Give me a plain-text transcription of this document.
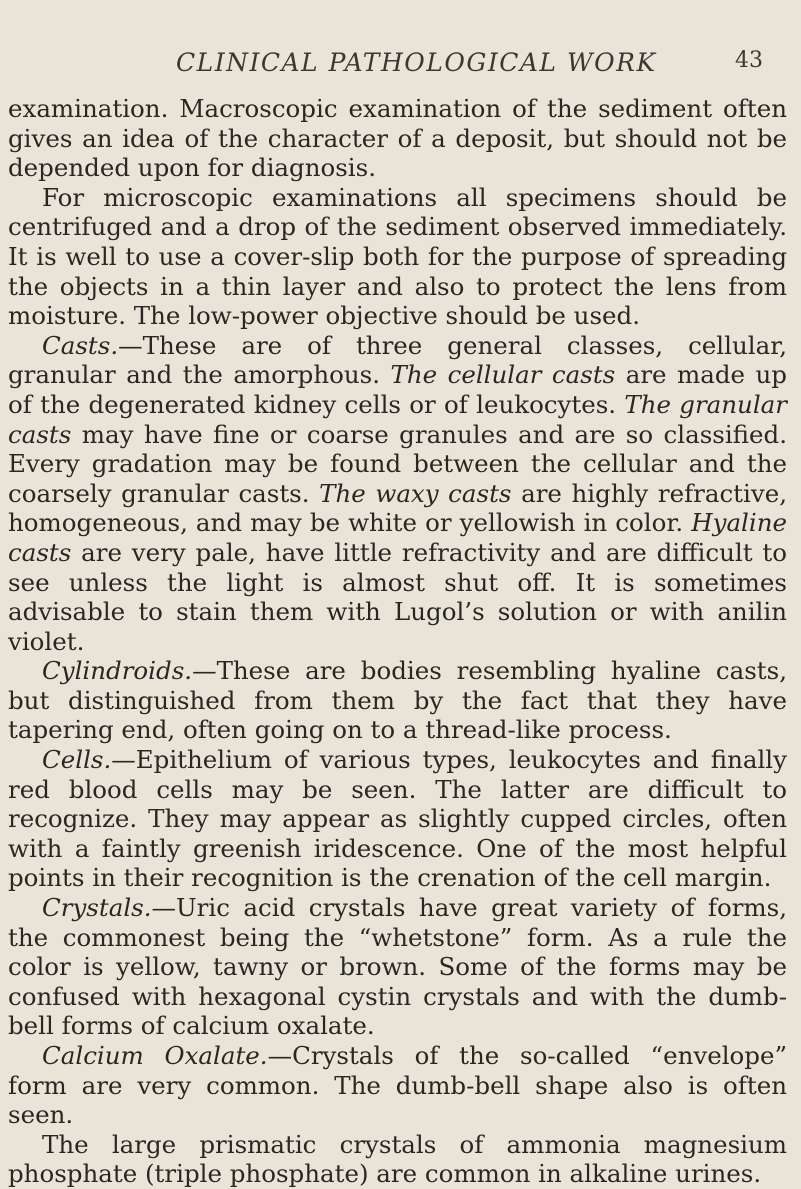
CLINICAL PATHOLOGICAL WORK	43

examination. Macroscopic examination of the sediment often gives an idea of the character of a deposit, but should not be depended upon for diagnosis.

For microscopic examinations all specimens should be centrifuged and a drop of the sediment observed immediately. It is well to use a cover-slip both for the purpose of spreading the objects in a thin layer and also to protect the lens from moisture. The low-power objective should be used.

Casts.—These are of three general classes, cellular, granular and the amorphous. The cellular casts are made up of the degenerated kidney cells or of leukocytes. The granular casts may have fine or coarse granules and are so classified. Every gradation may be found between the cellular and the coarsely granular casts. The waxy casts are highly refractive, homogeneous, and may be white or yellowish in color. Hyaline casts are very pale, have little refractivity and are difficult to see unless the light is almost shut off. It is sometimes advisable to stain them with Lugol’s solution or with anilin violet.

Cylindroids.—These are bodies resembling hyaline casts, but distinguished from them by the fact that they have tapering end, often going on to a thread-like process.

Cells.—Epithelium of various types, leukocytes and finally red blood cells may be seen. The latter are difficult to recognize. They may appear as slightly cupped circles, often with a faintly greenish iridescence. One of the most helpful points in their recognition is the crenation of the cell margin.

Crystals.—Uric acid crystals have great variety of forms, the commonest being the “whetstone” form. As a rule the color is yellow, tawny or brown. Some of the forms may be confused with hexagonal cystin crystals and with the dumb-bell forms of calcium oxalate.

Calcium Oxalate.—Crystals of the so-called “envelope” form are very common. The dumb-bell shape also is often seen.

The large prismatic crystals of ammonia magnesium phosphate (triple phosphate) are common in alkaline urines.
